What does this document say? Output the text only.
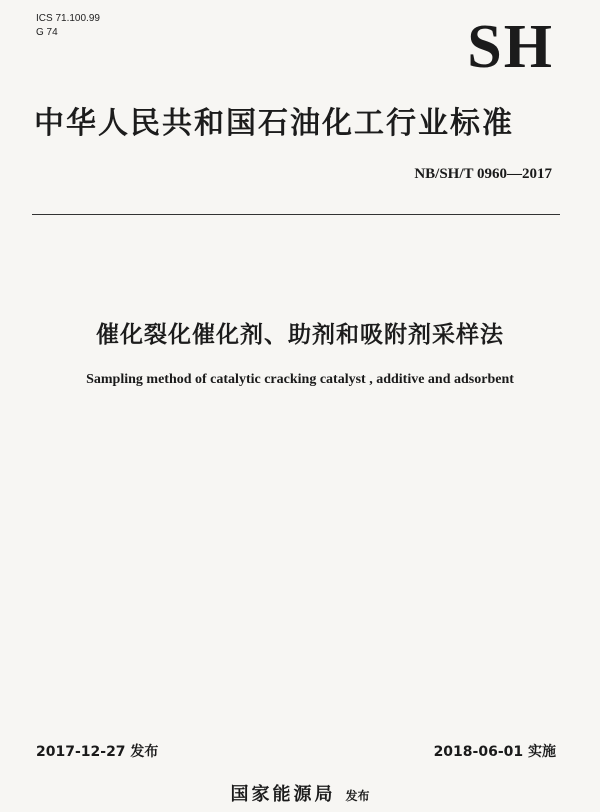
ICS 71.100.99
G 74	SH
中华人民共和国石油化工行业标准
NB/SH/T 0960—2017
催化裂化催化剂、助剂和吸附剂采样法
Sampling method of catalytic cracking catalyst , additive and adsorbent
2017-12-27 发布	2018-06-01 实施
国家能源局 发布
